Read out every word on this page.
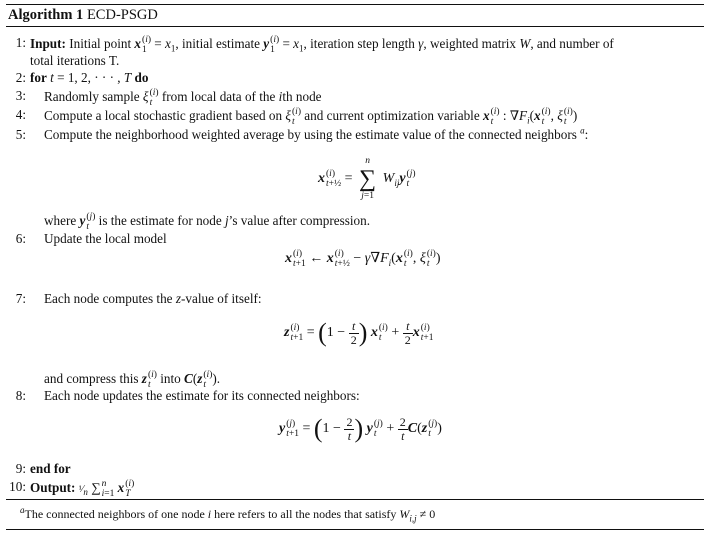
Algorithm 1 ECD-PSGD
1: Input: Initial point x (i)
$1 = x_1$, initial estimate y (i)
$1 = x_1$, iteration step length γ, weighted matrix W, and number of
total iterations T.
2: for t = 1, 2, · · · , T do
3: Randomly sample ξ (i)
t from local data of the ith node
4: Compute a local stochastic gradient based on ξ (i)
t and current optimization variable x (i)
t : $\nabla F_i(x$ (i)
t , ξ (i)
t )
5: Compute the neighborhood weighted average by using the estimate value of the connected neighbors $^a$:
x (i)
t+½ =
n
∑
j=1
$W_{ij}y$ (j)
t
where y (j)
t is the estimate for node j’s value after compression.
6: Update the local model
x (i)
t+1 ← x (i)
t+½ − $\gamma\nabla F_i(x$ (i)
t , ξ (i)
t )
7: Each node computes the z-value of itself:
z (i)
$t+1 = (1 - \frac{t}{2}$ ) x (i)
$t + \frac{t}{2}$ x (i)
t+1
and compress this z (i)
t into C(z (i)
t ).
8: Each node updates the estimate for its connected neighbors:
y (j)
$t+1 = (1 - \frac{2}{t}$ ) y (j)
$t + \frac{2}{t} C(z$ (j)
t )
9: end for
10: Output: $^1⁄_n$ ∑ n
i=1 x (i)
T
$^a$The connected neighbors of one node i here refers to all the nodes that satisfy $W_{i,j} \ne 0$
